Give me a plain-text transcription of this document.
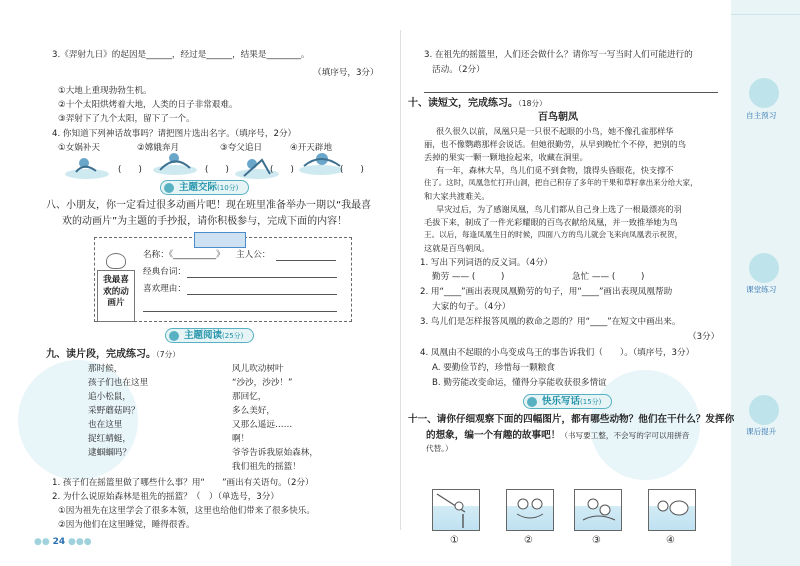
自主预习
课堂练习
课后提升
3.《羿射九日》的起因是______，经过是______，结果是________。
（填序号，3分）
①大地上重现勃勃生机。
②十个太阳烘烤着大地，人类的日子非常艰难。
③羿射下了九个太阳，留下了一个。
4. 你知道下列神话故事吗？请把图片选出名字。（填序号，2分）
①女娲补天	②嫦娥奔月	③夸父追日	④开天辟地
(　　)	(　　)	(　　)	(　　)
主题交际(10分)
八、小朋友，你一定看过很多动画片吧！现在班里准备举办一期以“我最喜
欢的动画片”为主题的手抄报，请你积极参与，完成下面的内容！
我最喜欢的动画片
名称：《__________》 主人公：
经典台词：
喜欢理由：
主题阅读(25分)
九、读片段，完成练习。（7分）
那时候，
孩子们也在这里
追小松鼠，
采野蘑菇吗？
也在这里
捉红蜻蜓，
逮蝈蝈吗？
风儿吹动树叶
“沙沙，沙沙！”
那回忆，
多么美好，
又那么遥远……
啊！
爷爷告诉我原始森林，
我们祖先的摇篮！
1. 孩子们在摇篮里做了哪些什么事？用“　　”画出有关语句。（2分）
2. 为什么说原始森林是祖先的摇篮？（　）（单选号，3分）
①因为祖先在这里学会了很多本领，这里也给他们带来了很多快乐。
②因为他们在这里睡觉，睡得很香。
●● 24 ●●●
3. 在祖先的摇篮里，人们还会做什么？请你写一写当时人们可能进行的
活动。（2分）
十、读短文，完成练习。（18分）
百鸟朝凤
很久很久以前，凤凰只是一只很不起眼的小鸟，她不像孔雀那样华
丽，也不像鹦鹉那样会说话。但她很勤劳，从早到晚忙个不停，把别的鸟
丢掉的果实一颗一颗地捡起来，收藏在洞里。
有一年，森林大旱，鸟儿们觅不到食物，饿得头昏眼花，快支撑不
住了。这时，凤凰急忙打开山洞，把自己积存了多年的干果和草籽拿出来分给大家，
和大家共渡难关。
旱灾过后，为了感谢凤凰，鸟儿们都从自己身上选了一根最漂亮的羽
毛拔下来，制成了一件光彩耀眼的百鸟衣献给凤凰，并一致推举她为鸟
王。以后，每逢凤凰生日的时候，四面八方的鸟儿就会飞来向凤凰表示祝贺，
这就是百鸟朝凤。
1. 写出下列词语的反义词。（4分）
勤劳 —— (　　　)	急忙 —— (　　　)
2. 用“____”画出表现凤凰勤劳的句子，用“____”画出表现凤凰帮助
大家的句子。（4分）
3. 鸟儿们是怎样报答凤凰的救命之恩的？用“____”在短文中画出来。
（3分）
4. 凤凰由不起眼的小鸟变成鸟王的事告诉我们（　　）。（填序号，3分）
A. 要勤俭节约，珍惜每一颗粮食
B. 勤劳能改变命运，懂得分享能收获很多情谊
快乐写话(15分)
十一、请你仔细观察下面的四幅图片，都有哪些动物？他们在干什么？发挥你
的想象，编一个有趣的故事吧！（书写要工整，不会写的字可以用拼音
代替。）
①	②	③	④
